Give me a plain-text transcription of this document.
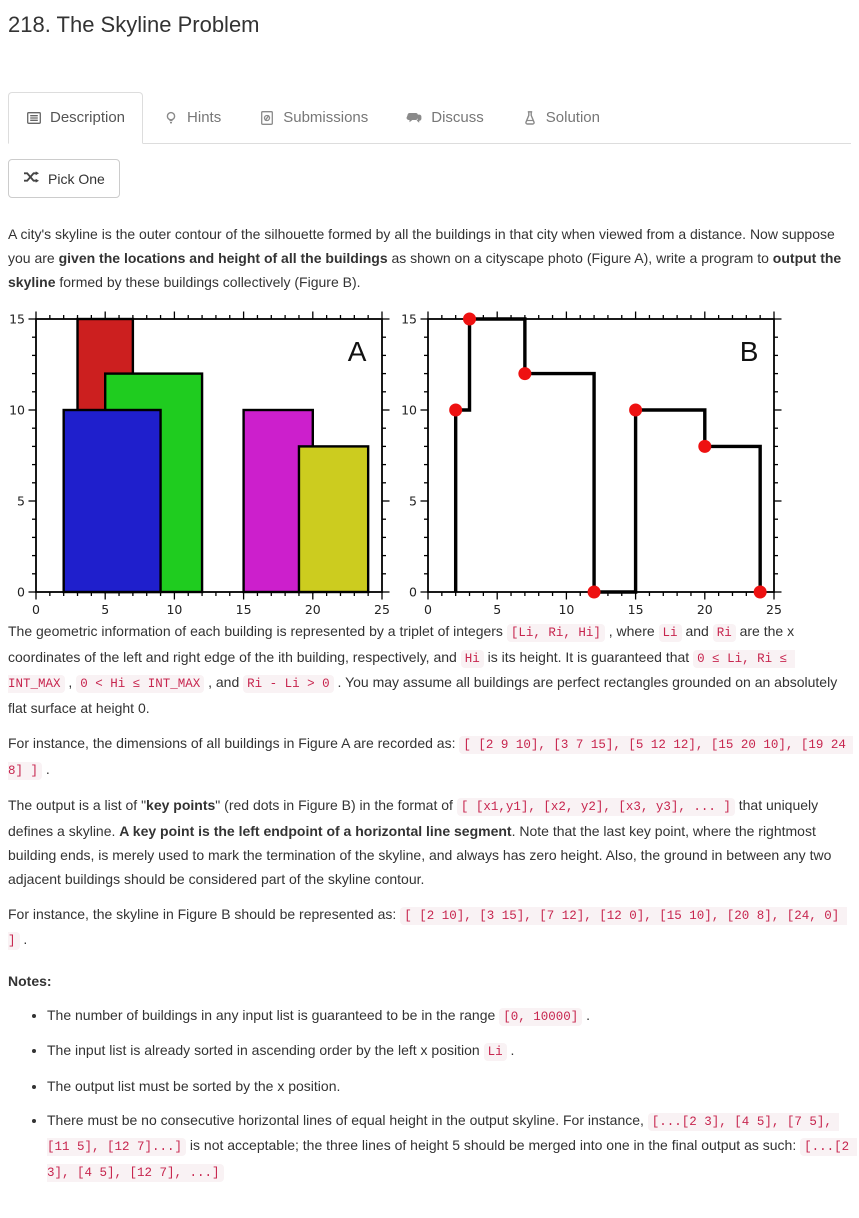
218. The Skyline Problem
Description	Hints	Submissions	Discuss	Solution
Pick One

A city's skyline is the outer contour of the silhouette formed by all the buildings in that city when viewed from a distance. Now suppose you are given the locations and height of all the buildings as shown on a cityscape photo (Figure A), write a program to output the skyline formed by these buildings collectively (Figure B).

0	5	10	15	20	25
0
5
10
15
A
0	5	10	15	20	25
0
5
10
15
B

The geometric information of each building is represented by a triplet of integers [Li, Ri, Hi] , where Li and Ri are the x coordinates of the left and right edge of the ith building, respectively, and Hi is its height. It is guaranteed that 0 ≤ Li, Ri ≤ INT_MAX , 0 < Hi ≤ INT_MAX , and Ri - Li > 0 . You may assume all buildings are perfect rectangles grounded on an absolutely flat surface at height 0.

For instance, the dimensions of all buildings in Figure A are recorded as: [ [2 9 10], [3 7 15], [5 12 12], [15 20 10], [19 24 8] ] .

The output is a list of "key points" (red dots in Figure B) in the format of [ [x1,y1], [x2, y2], [x3, y3], ... ] that uniquely defines a skyline. A key point is the left endpoint of a horizontal line segment. Note that the last key point, where the rightmost building ends, is merely used to mark the termination of the skyline, and always has zero height. Also, the ground in between any two adjacent buildings should be considered part of the skyline contour.

For instance, the skyline in Figure B should be represented as: [ [2 10], [3 15], [7 12], [12 0], [15 10], [20 8], [24, 0] ] .

Notes:
• The number of buildings in any input list is guaranteed to be in the range [0, 10000] .
• The input list is already sorted in ascending order by the left x position Li .
• The output list must be sorted by the x position.
• There must be no consecutive horizontal lines of equal height in the output skyline. For instance, [...[2 3], [4 5], [7 5], [11 5], [12 7]...] is not acceptable; the three lines of height 5 should be merged into one in the final output as such: [...[2 3], [4 5], [12 7], ...]
